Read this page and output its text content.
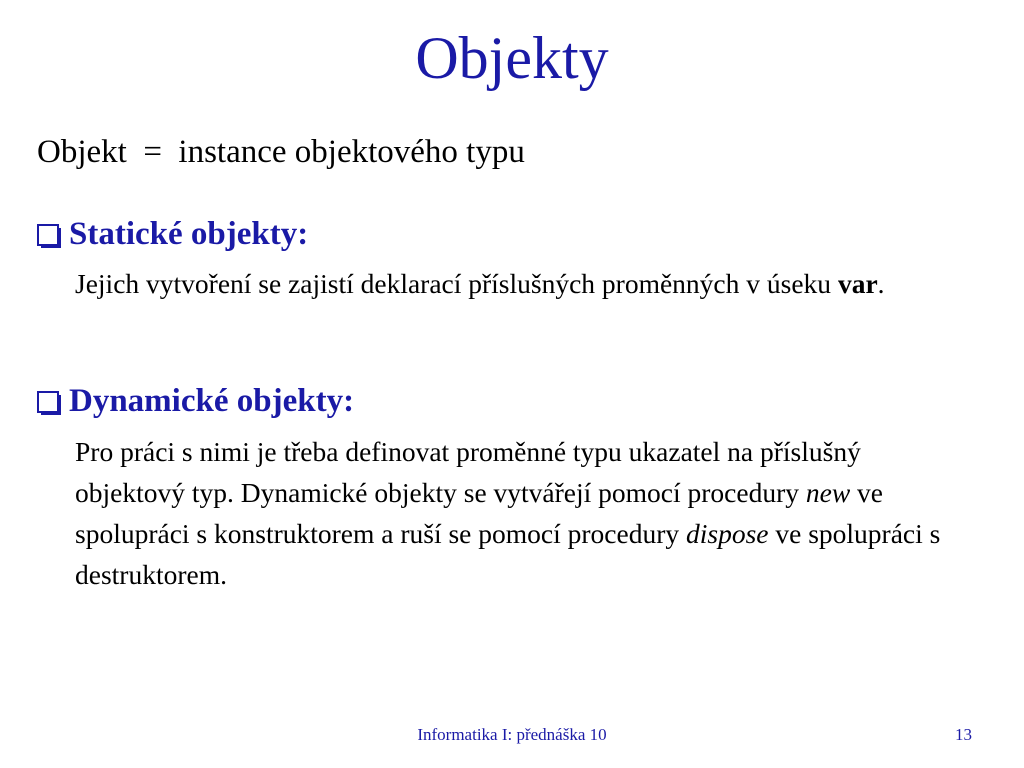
Objekty
Objekt  =  instance objektového typu
Statické objekty:
Jejich vytvoření se zajistí deklarací příslušných proměnných v úseku var.
Dynamické objekty:
Pro práci s nimi je třeba definovat proměnné typu ukazatel na příslušný objektový typ. Dynamické objekty se vytvářejí pomocí procedury new ve spolupráci s konstruktorem a ruší se pomocí procedury dispose ve spolupráci s destruktorem.
Informatika I: přednáška 10	13
